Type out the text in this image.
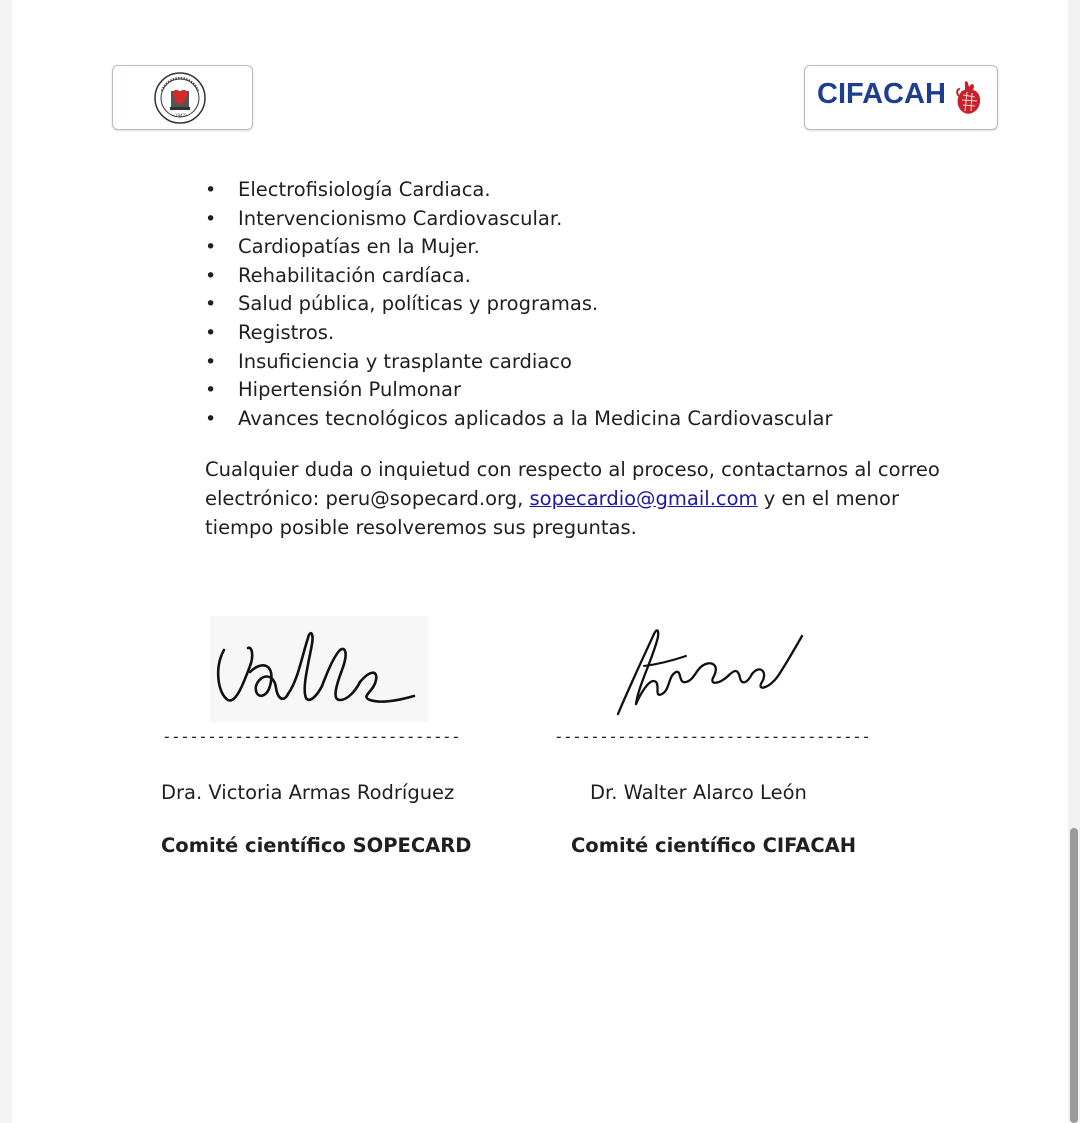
•1947•
CIFACAH
• Electrofisiología Cardiaca.
• Intervencionismo Cardiovascular.
• Cardiopatías en la Mujer.
• Rehabilitación cardíaca.
• Salud pública, políticas y programas.
• Registros.
• Insuficiencia y trasplante cardiaco
• Hipertensión Pulmonar
• Avances tecnológicos aplicados a la Medicina Cardiovascular

Cualquier duda o inquietud con respecto al proceso, contactarnos al correo

electrónico: peru@sopecard.org, sopecardio@gmail.com y en el menor

tiempo posible resolveremos sus preguntas.

---------------------------------	-----------------------------------
Dra. Victoria Armas Rodríguez	Dr. Walter Alarco León
Comité científico SOPECARD	Comité científico CIFACAH
